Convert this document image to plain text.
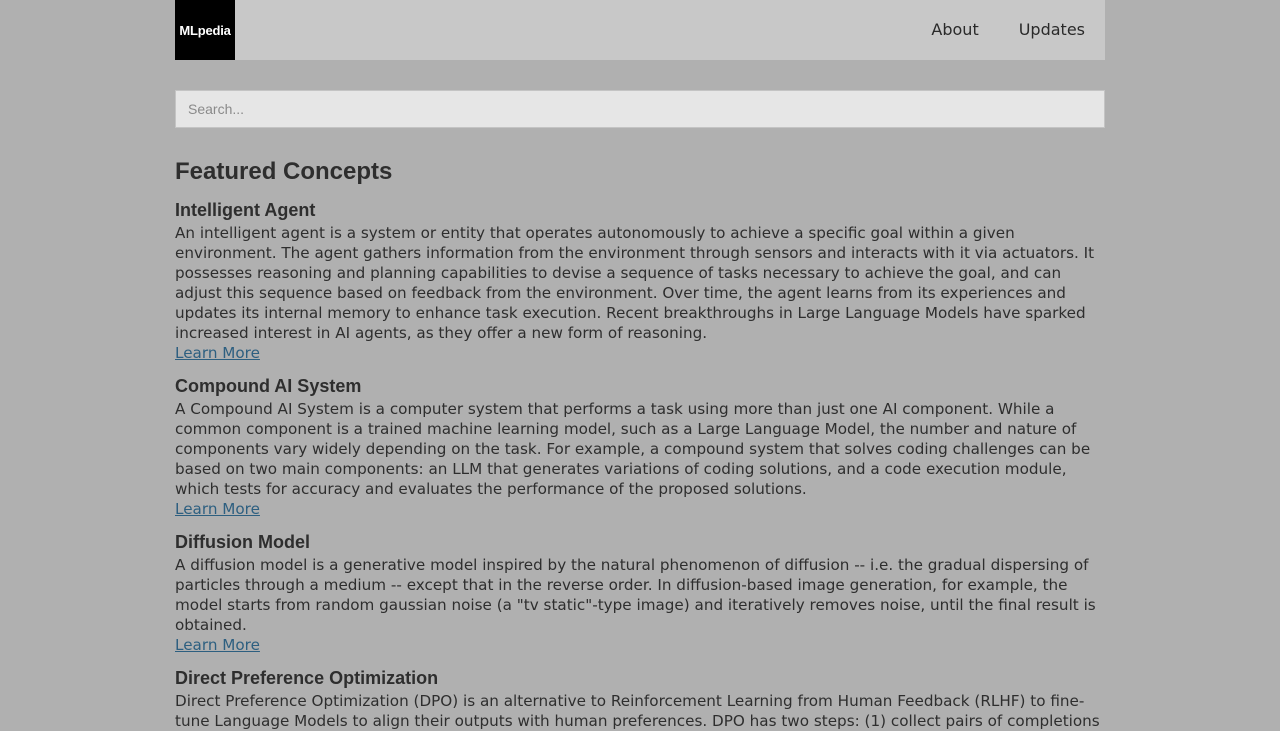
MLpedia	About	Updates
Search...
Featured Concepts
Intelligent Agent

An intelligent agent is a system or entity that operates autonomously to achieve a specific goal within a given environment. The agent gathers information from the environment through sensors and interacts with it via actuators. It possesses reasoning and planning capabilities to devise a sequence of tasks necessary to achieve the goal, and can adjust this sequence based on feedback from the environment. Over time, the agent learns from its experiences and updates its internal memory to enhance task execution. Recent breakthroughs in Large Language Models have sparked increased interest in AI agents, as they offer a new form of reasoning.

Learn More
Compound AI System

A Compound AI System is a computer system that performs a task using more than just one AI component. While a common component is a trained machine learning model, such as a Large Language Model, the number and nature of components vary widely depending on the task. For example, a compound system that solves coding challenges can be based on two main components: an LLM that generates variations of coding solutions, and a code execution module, which tests for accuracy and evaluates the performance of the proposed solutions.

Learn More
Diffusion Model

A diffusion model is a generative model inspired by the natural phenomenon of diffusion -- i.e. the gradual dispersing of particles through a medium -- except that in the reverse order. In diffusion-based image generation, for example, the model starts from random gaussian noise (a "tv static"-type image) and iteratively removes noise, until the final result is obtained.

Learn More
Direct Preference Optimization

Direct Preference Optimization (DPO) is an alternative to Reinforcement Learning from Human Feedback (RLHF) to fine-tune Language Models to align their outputs with human preferences. DPO has two steps: (1) collect pairs of completions
